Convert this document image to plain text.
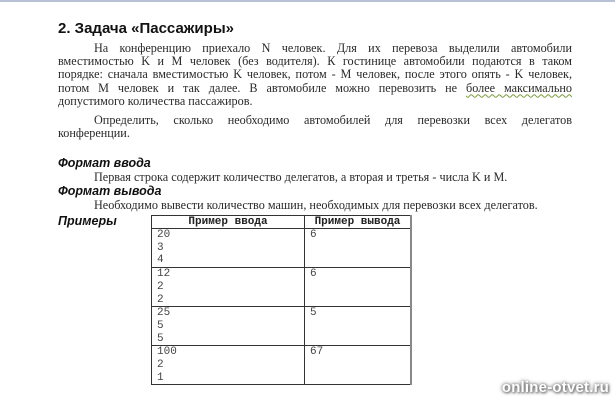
2. Задача «Пассажиры»
На конференцию приехало N человек. Для их перевоза выделили автомобили
вместимостью K и M человек (без водителя). К гостинице автомобили подаются в таком
порядке: сначала вместимостью K человек, потом - M человек, после этого опять - K человек,
потом M человек и так далее. В автомобиле можно перевозить не более максимально
допустимого количества пассажиров.
Определить, сколько необходимо автомобилей для перевозки всех делегатов
конференции.
Формат ввода

Первая строка содержит количество делегатов, а вторая и третья - числа K и M.

Формат вывода

Необходимо вывести количество машин, необходимых для перевозки всех делегатов.

Примеры	Пример ввода	Пример вывода

20
3
4	6

12
2
2	6

25
5
5	5

100
2
1	67
online-otvet.ru
